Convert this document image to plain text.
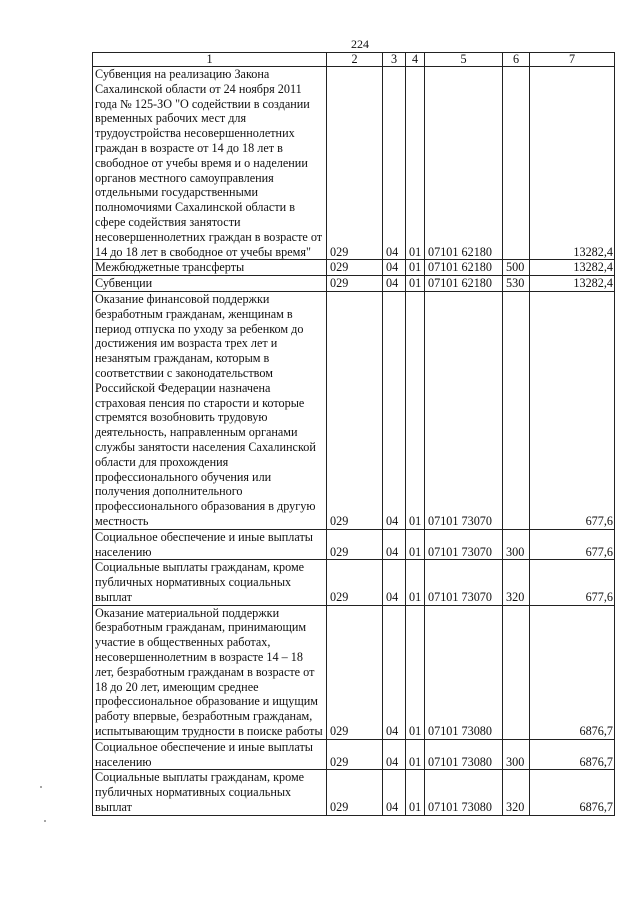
224
1	2	3	4	5	6	7
Субвенция на реализацию Закона Сахалинской области от 24 ноября 2011 года № 125-ЗО "О содействии в создании временных рабочих мест для трудоустройства несовершеннолетних граждан в возрасте от 14 до 18 лет в свободное от учебы время и о наделении органов местного самоуправления отдельными государственными полномочиями Сахалинской области в сфере содействия занятости несовершеннолетних граждан в возрасте от 14 до 18 лет в свободное от учебы время"	029	04	01	07101 62180		13282,4
Межбюджетные трансферты	029	04	01	07101 62180	500	13282,4
Субвенции	029	04	01	07101 62180	530	13282,4
Оказание финансовой поддержки безработным гражданам, женщинам в период отпуска по уходу за ребенком до достижения им возраста трех лет и незанятым гражданам, которым в соответствии с законодательством Российской Федерации назначена страховая пенсия по старости и которые стремятся возобновить трудовую деятельность, направленным органами службы занятости населения Сахалинской области для прохождения профессионального обучения или получения дополнительного профессионального образования в другую местность	029	04	01	07101 73070		677,6
Социальное обеспечение и иные выплаты населению	029	04	01	07101 73070	300	677,6
Социальные выплаты гражданам, кроме публичных нормативных социальных выплат	029	04	01	07101 73070	320	677,6
Оказание материальной поддержки безработным гражданам, принимающим участие в общественных работах, несовершеннолетним в возрасте 14 – 18 лет, безработным гражданам в возрасте от 18 до 20 лет, имеющим среднее профессиональное образование и ищущим работу впервые, безработным гражданам, испытывающим трудности в поиске работы	029	04	01	07101 73080		6876,7
Социальное обеспечение и иные выплаты населению	029	04	01	07101 73080	300	6876,7
Социальные выплаты гражданам, кроме публичных нормативных социальных выплат	029	04	01	07101 73080	320	6876,7
